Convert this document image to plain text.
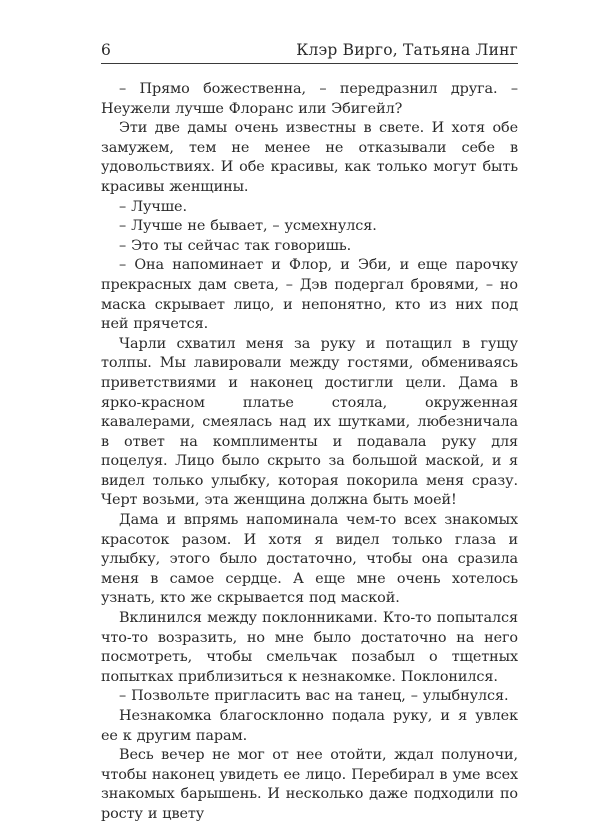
6	Клэр Вирго, Татьяна Линг

– Прямо божественна, – передразнил друга. – Неужели лучше Флоранс или Эбигейл?

Эти две дамы очень известны в свете. И хотя обе замужем, тем не менее не отказывали себе в удовольствиях. И обе красивы, как только могут быть красивы женщины.

– Лучше.

– Лучше не бывает, – усмехнулся.

– Это ты сейчас так говоришь.

– Она напоминает и Флор, и Эби, и еще парочку прекрасных дам света, – Дэв подергал бровями, – но маска скрывает лицо, и непонятно, кто из них под ней прячется.

Чарли схватил меня за руку и потащил в гущу толпы. Мы лавировали между гостями, обмениваясь приветствиями и наконец достигли цели. Дама в ярко-красном платье стояла, окруженная кавалерами, смеялась над их шутками, любезничала в ответ на комплименты и подавала руку для поцелуя. Лицо было скрыто за большой маской, и я видел только улыбку, которая покорила меня сразу. Черт возьми, эта женщина должна быть моей!

Дама и впрямь напоминала чем-то всех знакомых красоток разом. И хотя я видел только глаза и улыбку, этого было достаточно, чтобы она сразила меня в самое сердце. А еще мне очень хотелось узнать, кто же скрывается под маской.

Вклинился между поклонниками. Кто-то попытался что-то возразить, но мне было достаточно на него посмотреть, чтобы смельчак позабыл о тщетных попытках приблизиться к незнакомке. Поклонился.

– Позвольте пригласить вас на танец, – улыбнулся.

Незнакомка благосклонно подала руку, и я увлек ее к другим парам.

Весь вечер не мог от нее отойти, ждал полуночи, чтобы наконец увидеть ее лицо. Перебирал в уме всех знакомых барышень. И несколько даже подходили по росту и цвету
